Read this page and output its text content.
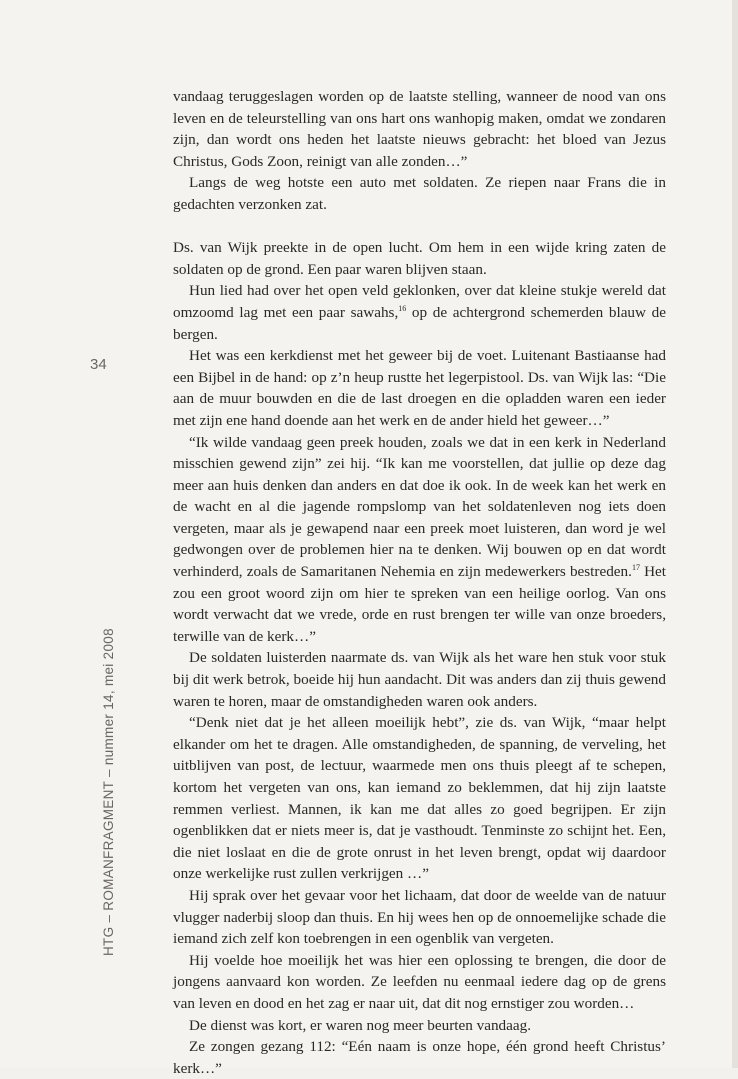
34
HTG – ROMANFRAGMENT – nummer 14, mei 2008

vandaag teruggeslagen worden op de laatste stelling, wanneer de nood van ons leven en de teleurstelling van ons hart ons wanhopig maken, omdat we zondaren zijn, dan wordt ons heden het laatste nieuws gebracht: het bloed van Jezus Christus, Gods Zoon, reinigt van alle zonden…”

Langs de weg hotste een auto met soldaten. Ze riepen naar Frans die in gedachten verzonken zat.

Ds. van Wijk preekte in de open lucht. Om hem in een wijde kring zaten de soldaten op de grond. Een paar waren blijven staan.

Hun lied had over het open veld geklonken, over dat kleine stukje wereld dat omzoomd lag met een paar sawahs,$^{16}$ op de achtergrond schemerden blauw de bergen.

Het was een kerkdienst met het geweer bij de voet. Luitenant Bastiaanse had een Bijbel in de hand: op z’n heup rustte het legerpistool. Ds. van Wijk las: “Die aan de muur bouwden en die de last droegen en die opladden waren een ieder met zijn ene hand doende aan het werk en de ander hield het geweer…”

“Ik wilde vandaag geen preek houden, zoals we dat in een kerk in Nederland misschien gewend zijn” zei hij. “Ik kan me voorstellen, dat jullie op deze dag meer aan huis denken dan anders en dat doe ik ook. In de week kan het werk en de wacht en al die jagende rompslomp van het soldatenleven nog iets doen vergeten, maar als je gewapend naar een preek moet luisteren, dan word je wel gedwongen over de problemen hier na te denken. Wij bouwen op en dat wordt verhinderd, zoals de Samaritanen Nehemia en zijn medewerkers bestreden.$^{17}$ Het zou een groot woord zijn om hier te spreken van een heilige oorlog. Van ons wordt verwacht dat we vrede, orde en rust brengen ter wille van onze broeders, terwille van de kerk…”

De soldaten luisterden naarmate ds. van Wijk als het ware hen stuk voor stuk bij dit werk betrok, boeide hij hun aandacht. Dit was anders dan zij thuis gewend waren te horen, maar de omstandigheden waren ook anders.

“Denk niet dat je het alleen moeilijk hebt”, zie ds. van Wijk, “maar helpt elkander om het te dragen. Alle omstandigheden, de spanning, de verveling, het uitblijven van post, de lectuur, waarmede men ons thuis pleegt af te schepen, kortom het vergeten van ons, kan iemand zo beklemmen, dat hij zijn laatste remmen verliest. Mannen, ik kan me dat alles zo goed begrijpen. Er zijn ogenblikken dat er niets meer is, dat je vasthoudt. Tenminste zo schijnt het. Een, die niet loslaat en die de grote onrust in het leven brengt, opdat wij daardoor onze werkelijke rust zullen verkrijgen …”

Hij sprak over het gevaar voor het lichaam, dat door de weelde van de natuur vlugger naderbij sloop dan thuis. En hij wees hen op de onnoemelijke schade die iemand zich zelf kon toebrengen in een ogenblik van vergeten.

Hij voelde hoe moeilijk het was hier een oplossing te brengen, die door de jongens aanvaard kon worden. Ze leefden nu eenmaal iedere dag op de grens van leven en dood en het zag er naar uit, dat dit nog ernstiger zou worden…

De dienst was kort, er waren nog meer beurten vandaag.

Ze zongen gezang 112: “Eén naam is onze hope, één grond heeft Christus’ kerk…”
